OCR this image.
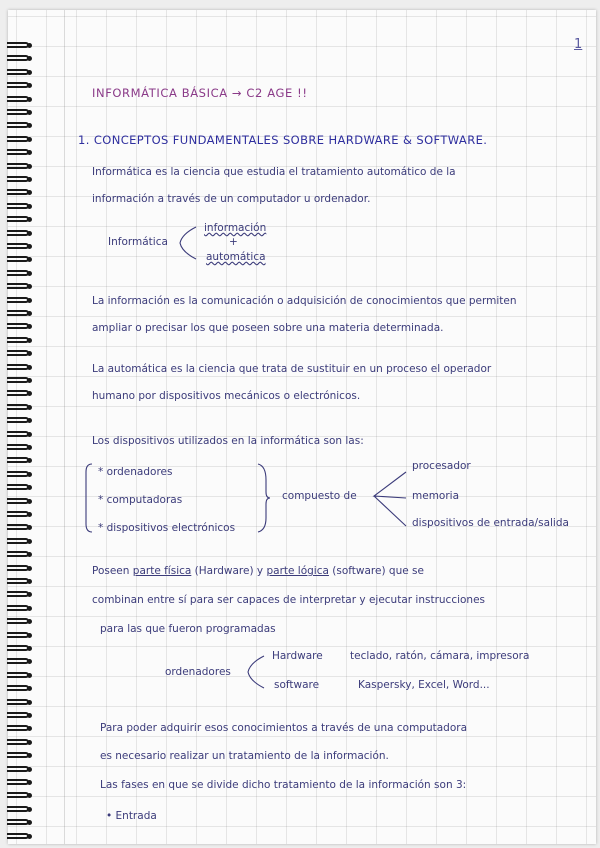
1
INFORMÁTICA BÁSICA → C2 AGE !!
1. CONCEPTOS FUNDAMENTALES SOBRE HARDWARE & SOFTWARE.
Informática es la ciencia que estudia el tratamiento automático de la
información a través de un computador u ordenador.
Informática
información
+
automática
La información es la comunicación o adquisición de conocimientos que permiten
ampliar o precisar los que poseen sobre una materia determinada.
La automática es la ciencia que trata de sustituir en un proceso el operador
humano por dispositivos mecánicos o electrónicos.
Los dispositivos utilizados en la informática son las:
* ordenadores
* computadoras
* dispositivos electrónicos
compuesto de
procesador
memoria
dispositivos de entrada/salida
Poseen parte física (Hardware) y parte lógica (software) que se
combinan entre sí para ser capaces de interpretar y ejecutar instrucciones
para las que fueron programadas
ordenadores
Hardware	teclado, ratón, cámara, impresora
software	Kaspersky, Excel, Word...
Para poder adquirir esos conocimientos a través de una computadora
es necesario realizar un tratamiento de la información.
Las fases en que se divide dicho tratamiento de la información son 3:
• Entrada
